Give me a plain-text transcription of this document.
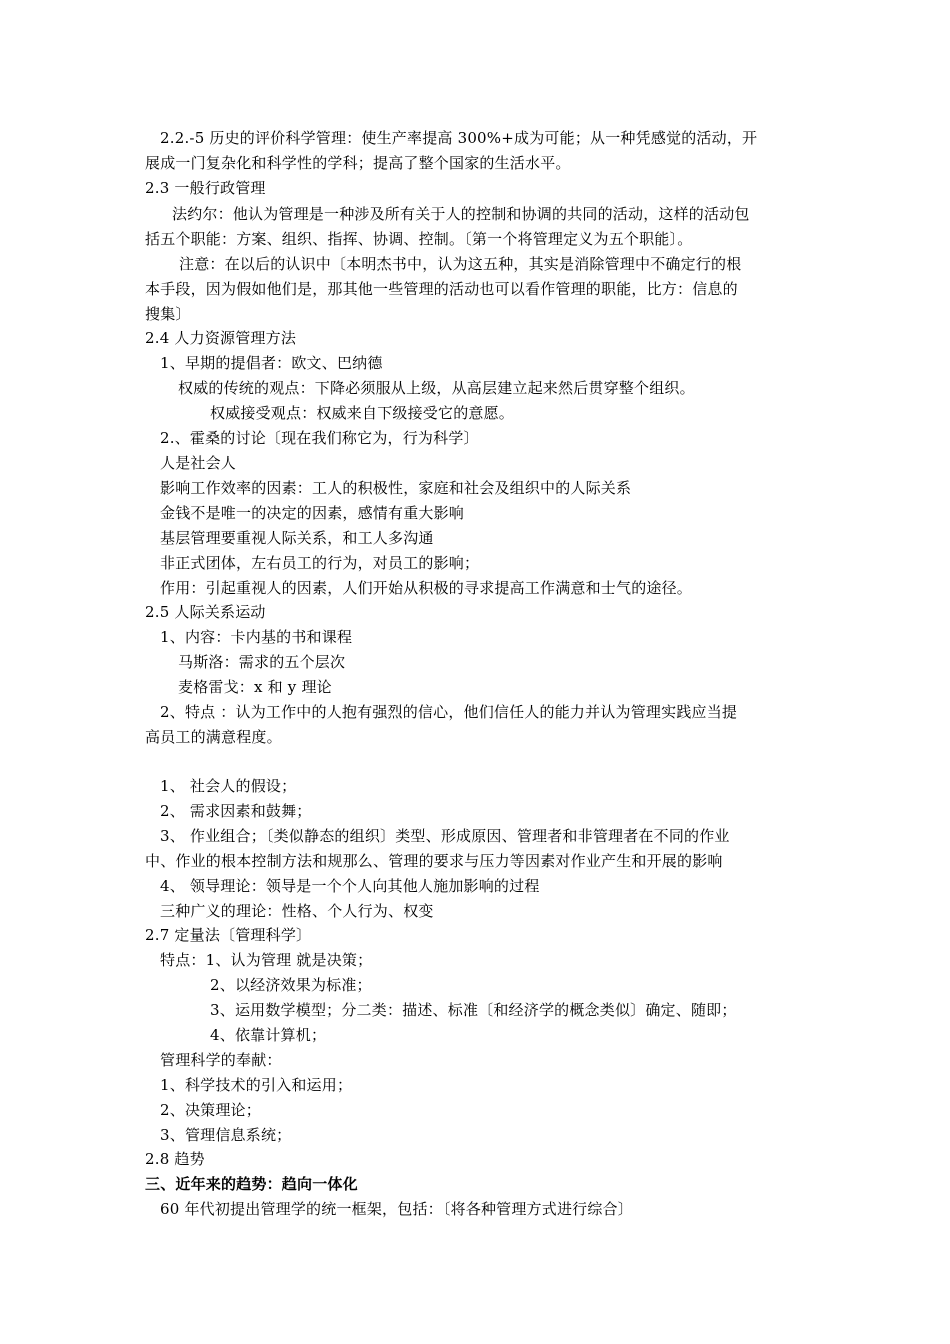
2.2.-5 历史的评价科学管理：使生产率提高 300%+成为可能；从一种凭感觉的活动，开
展成一门复杂化和科学性的学科；提高了整个国家的生活水平。
2.3 一般行政管理
法约尔：他认为管理是一种涉及所有关于人的控制和协调的共同的活动，这样的活动包
括五个职能：方案、组织、指挥、协调、控制。〔第一个将管理定义为五个职能〕。
注意：在以后的认识中〔本明杰书中，认为这五种，其实是消除管理中不确定行的根
本手段，因为假如他们是，那其他一些管理的活动也可以看作管理的职能，比方：信息的
搜集〕
2.4 人力资源管理方法
1、早期的提倡者：欧文、巴纳德
权威的传统的观点：下降必须服从上级，从高层建立起来然后贯穿整个组织。
权威接受观点：权威来自下级接受它的意愿。
2.、霍桑的讨论〔现在我们称它为，行为科学〕
人是社会人
影响工作效率的因素：工人的积极性，家庭和社会及组织中的人际关系
金钱不是唯一的决定的因素，感情有重大影响
基层管理要重视人际关系，和工人多沟通
非正式团体，左右员工的行为，对员工的影响；
作用：引起重视人的因素，人们开始从积极的寻求提高工作满意和士气的途径。
2.5 人际关系运动
1、内容：卡内基的书和课程
马斯洛：需求的五个层次
麦格雷戈：x 和 y 理论
2、特点 ：认为工作中的人抱有强烈的信心，他们信任人的能力并认为管理实践应当提
高员工的满意程度。
1、 社会人的假设；
2、 需求因素和鼓舞；
3、 作业组合；〔类似静态的组织〕类型、形成原因、管理者和非管理者在不同的作业
中、作业的根本控制方法和规那么、管理的要求与压力等因素对作业产生和开展的影响
4、 领导理论：领导是一个个人向其他人施加影响的过程
三种广义的理论：性格、个人行为、权变
2.7 定量法〔管理科学〕
特点：1、认为管理 就是决策；
2、以经济效果为标准；
3、运用数学模型；分二类：描述、标准〔和经济学的概念类似〕确定、随即；
4、依靠计算机；
管理科学的奉献：
1、科学技术的引入和运用；
2、决策理论；
3、管理信息系统；
2.8 趋势
三、近年来的趋势：趋向一体化
60 年代初提出管理学的统一框架，包括：〔将各种管理方式进行综合〕
